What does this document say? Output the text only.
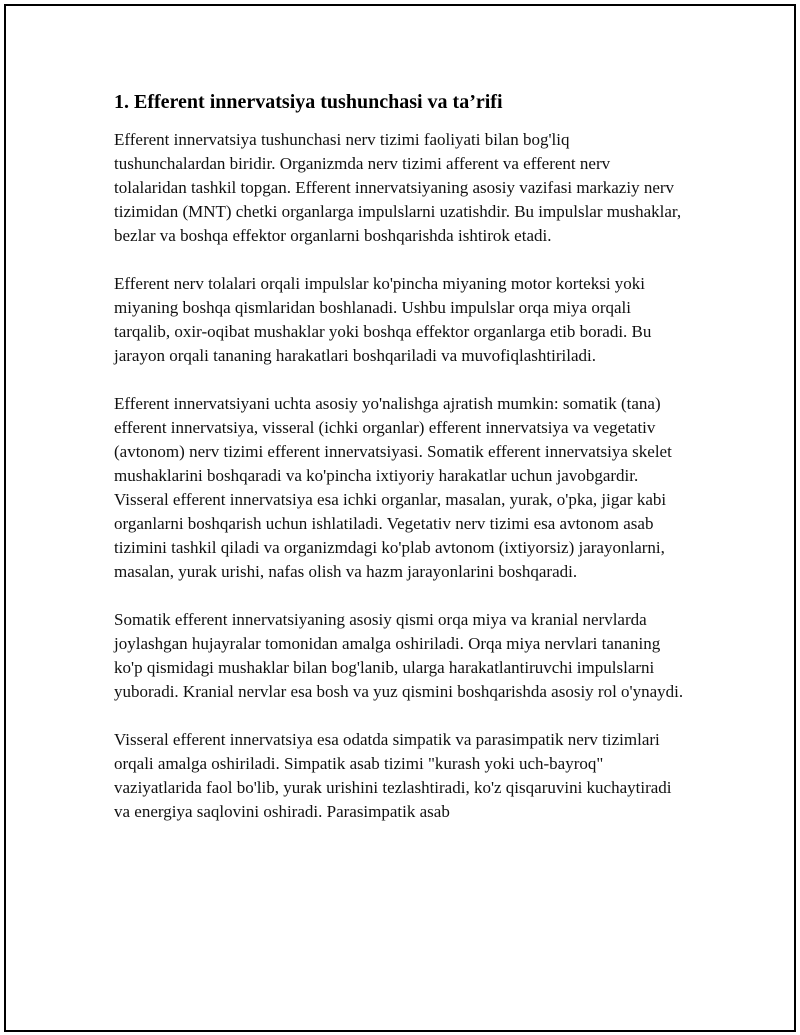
1. Efferent innervatsiya tushunchasi va ta’rifi

Efferent innervatsiya tushunchasi nerv tizimi faoliyati bilan bog'liq tushunchalardan biridir. Organizmda nerv tizimi afferent va efferent nerv tolalaridan tashkil topgan. Efferent innervatsiyaning asosiy vazifasi markaziy nerv tizimidan (MNT) chetki organlarga impulslarni uzatishdir. Bu impulslar mushaklar, bezlar va boshqa effektor organlarni boshqarishda ishtirok etadi.

Efferent nerv tolalari orqali impulslar ko'pincha miyaning motor korteksi yoki miyaning boshqa qismlaridan boshlanadi. Ushbu impulslar orqa miya orqali tarqalib, oxir-oqibat mushaklar yoki boshqa effektor organlarga etib boradi. Bu jarayon orqali tananing harakatlari boshqariladi va muvofiqlashtiriladi.

Efferent innervatsiyani uchta asosiy yo'nalishga ajratish mumkin: somatik (tana) efferent innervatsiya, visseral (ichki organlar) efferent innervatsiya va vegetativ (avtonom) nerv tizimi efferent innervatsiyasi. Somatik efferent innervatsiya skelet mushaklarini boshqaradi va ko'pincha ixtiyoriy harakatlar uchun javobgardir. Visseral efferent innervatsiya esa ichki organlar, masalan, yurak, o'pka, jigar kabi organlarni boshqarish uchun ishlatiladi. Vegetativ nerv tizimi esa avtonom asab tizimini tashkil qiladi va organizmdagi ko'plab avtonom (ixtiyorsiz) jarayonlarni, masalan, yurak urishi, nafas olish va hazm jarayonlarini boshqaradi.

Somatik efferent innervatsiyaning asosiy qismi orqa miya va kranial nervlarda joylashgan hujayralar tomonidan amalga oshiriladi. Orqa miya nervlari tananing ko'p qismidagi mushaklar bilan bog'lanib, ularga harakatlantiruvchi impulslarni yuboradi. Kranial nervlar esa bosh va yuz qismini boshqarishda asosiy rol o'ynaydi.

Visseral efferent innervatsiya esa odatda simpatik va parasimpatik nerv tizimlari orqali amalga oshiriladi. Simpatik asab tizimi "kurash yoki uch-bayroq" vaziyatlarida faol bo'lib, yurak urishini tezlashtiradi, ko'z qisqaruvini kuchaytiradi va energiya saqlovini oshiradi. Parasimpatik asab
